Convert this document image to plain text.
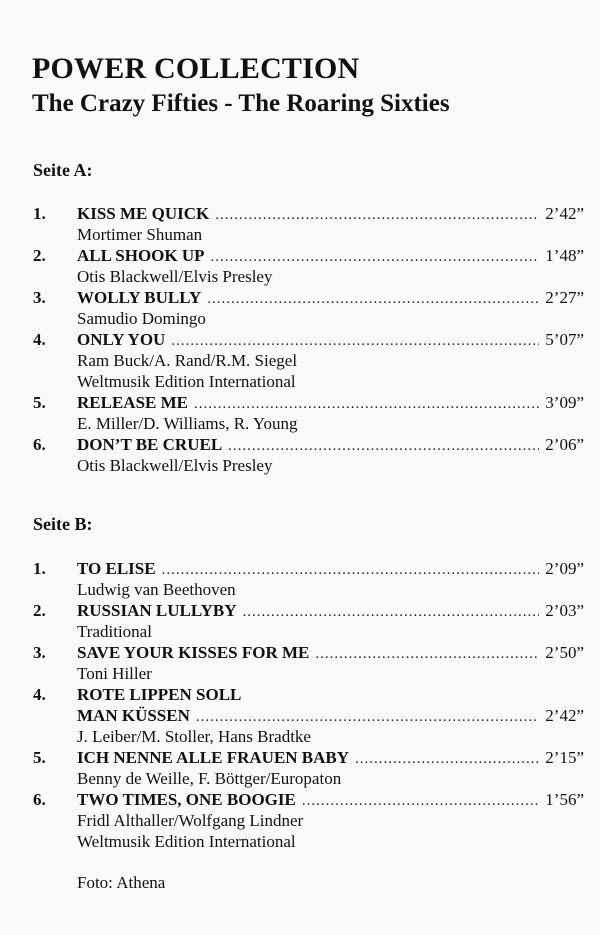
POWER COLLECTION
The Crazy Fifties - The Roaring Sixties
Seite A:
1. KISS ME QUICK .....	2’42”
Mortimer Shuman
2. ALL SHOOK UP .....	1’48”
Otis Blackwell/Elvis Presley
3. WOLLY BULLY .....	2’27”
Samudio Domingo
4. ONLY YOU .....	5’07”
Ram Buck/A. Rand/R.M. Siegel
Weltmusik Edition International
5. RELEASE ME .....	3’09”
E. Miller/D. Williams, R. Young
6. DON’T BE CRUEL .....	2’06”
Otis Blackwell/Elvis Presley
Seite B:
1. TO ELISE .....	2’09”
Ludwig van Beethoven
2. RUSSIAN LULLYBY .....	2’03”
Traditional
3. SAVE YOUR KISSES FOR ME .....	2’50”
Toni Hiller
4. ROTE LIPPEN SOLL
MAN KÜSSEN .....	2’42”
J. Leiber/M. Stoller, Hans Bradtke
5. ICH NENNE ALLE FRAUEN BABY .....	2’15”
Benny de Weille, F. Böttger/Europaton
6. TWO TIMES, ONE BOOGIE .....	1’56”
Fridl Althaller/Wolfgang Lindner
Weltmusik Edition International
Foto: Athena
